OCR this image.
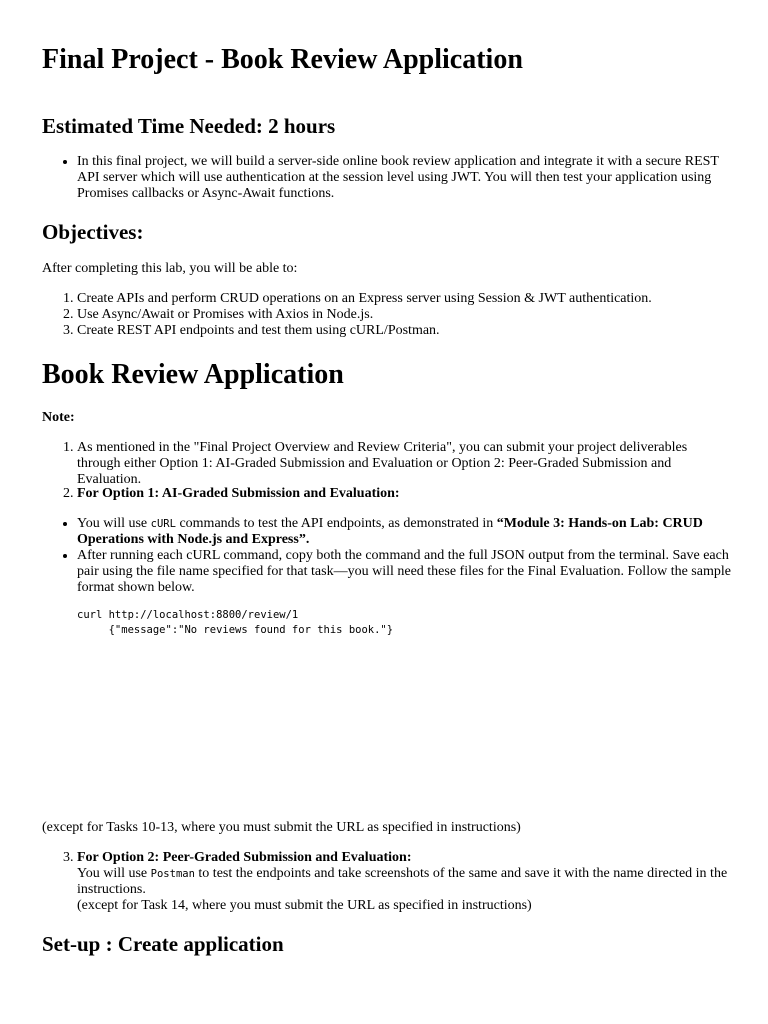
Final Project - Book Review Application
Estimated Time Needed: 2 hours
• In this final project, we will build a server-side online book review application and integrate it with a secure REST API server which will use authentication at the session level using JWT. You will then test your application using Promises callbacks or Async-Await functions.
Objectives:

After completing this lab, you will be able to:

1. Create APIs and perform CRUD operations on an Express server using Session & JWT authentication.
2. Use Async/Await or Promises with Axios in Node.js.
3. Create REST API endpoints and test them using cURL/Postman.
Book Review Application

Note:

1. As mentioned in the "Final Project Overview and Review Criteria", you can submit your project deliverables through either Option 1: AI-Graded Submission and Evaluation or Option 2: Peer-Graded Submission and Evaluation.
2. For Option 1: AI-Graded Submission and Evaluation:
• You will use cURL commands to test the API endpoints, as demonstrated in “Module 3: Hands-on Lab: CRUD Operations with Node.js and Express”.
• After running each cURL command, copy both the command and the full JSON output from the terminal. Save each pair using the file name specified for that task—you will need these files for the Final Evaluation. Follow the sample format shown below.
curl http://localhost:8800/review/1
{"message":"No reviews found for this book."}

(except for Tasks 10-13, where you must submit the URL as specified in instructions)

3. For Option 2: Peer-Graded Submission and Evaluation:
You will use Postman to test the endpoints and take screenshots of the same and save it with the name directed in the instructions.
(except for Task 14, where you must submit the URL as specified in instructions)
Set-up : Create application
